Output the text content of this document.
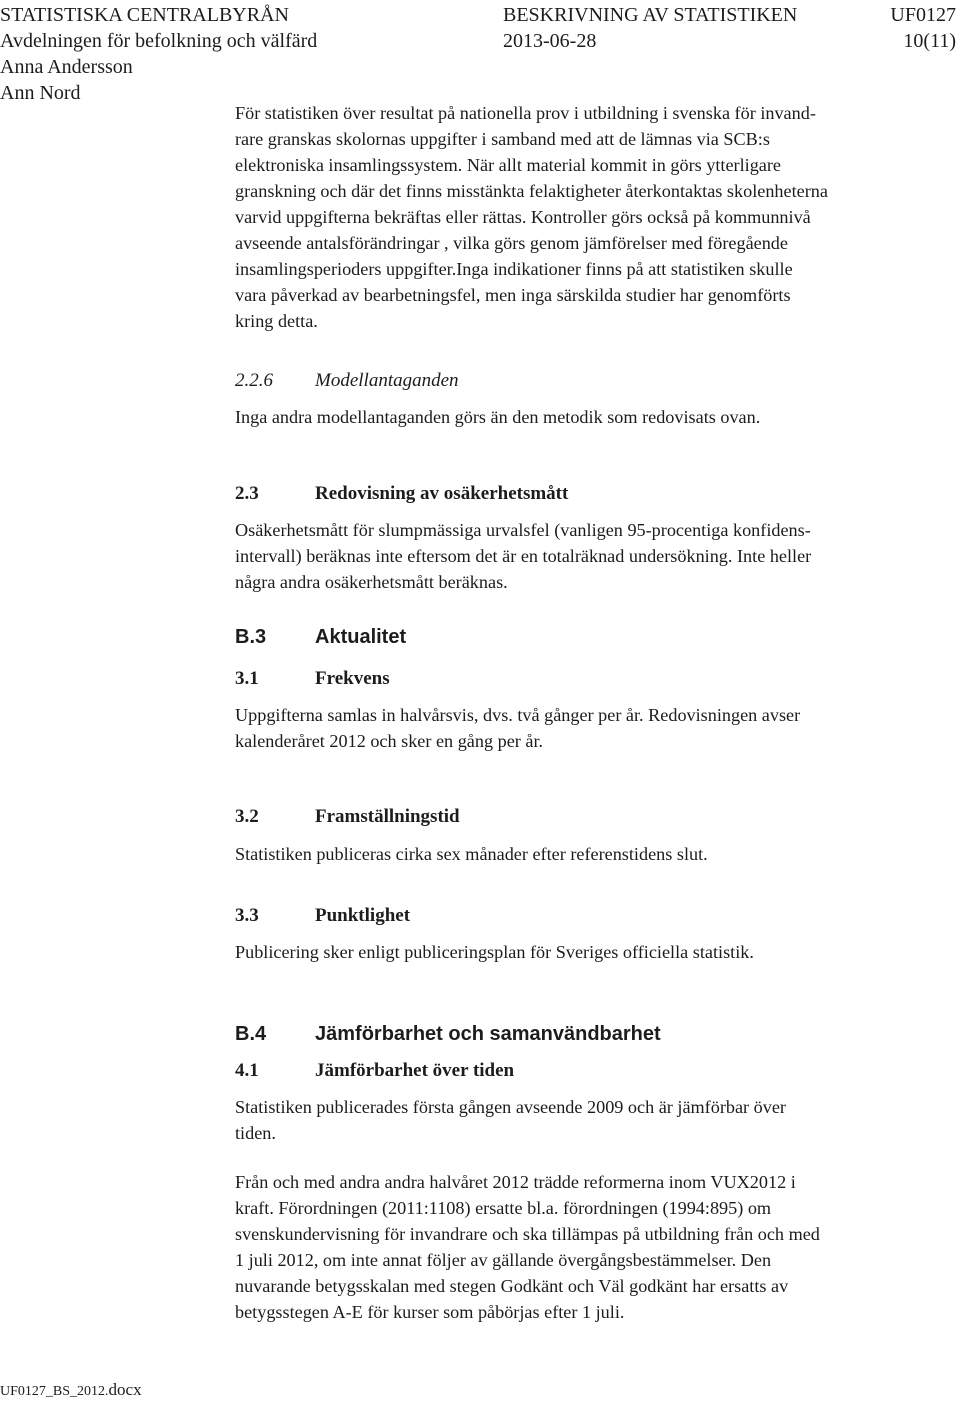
STATISTISKA CENTRALBYRÅN	BESKRIVNING AV STATISTIKEN	UF0127
Avdelningen för befolkning och välfärd	2013-06-28	10(11)
Anna Andersson
Ann Nord
För statistiken över resultat på nationella prov i utbildning i svenska för invand-
rare granskas skolornas uppgifter i samband med att de lämnas via SCB:s
elektroniska insamlingssystem. När allt material kommit in görs ytterligare
granskning och där det finns misstänkta felaktigheter återkontaktas skolenheterna
varvid uppgifterna bekräftas eller rättas. Kontroller görs också på kommunnivå
avseende antalsförändringar , vilka görs genom jämförelser med föregående
insamlingsperioders uppgifter.Inga indikationer finns på att statistiken skulle
vara påverkad av bearbetningsfel, men inga särskilda studier har genomförts
kring detta.
2.2.6 Modellantaganden
Inga andra modellantaganden görs än den metodik som redovisats ovan.
2.3	Redovisning av osäkerhetsmått
Osäkerhetsmått för slumpmässiga urvalsfel (vanligen 95-procentiga konfidens-
intervall) beräknas inte eftersom det är en totalräknad undersökning. Inte heller
några andra osäkerhetsmått beräknas.
B.3 Aktualitet
3.1	Frekvens
Uppgifterna samlas in halvårsvis, dvs. två gånger per år. Redovisningen avser
kalenderåret 2012 och sker en gång per år.
3.2	Framställningstid
Statistiken publiceras cirka sex månader efter referenstidens slut.
3.3	Punktlighet
Publicering sker enligt publiceringsplan för Sveriges officiella statistik.
B.4 Jämförbarhet och samanvändbarhet
4.1	Jämförbarhet över tiden
Statistiken publicerades första gången avseende 2009 och är jämförbar över
tiden.
Från och med andra andra halvåret 2012 trädde reformerna inom VUX2012 i
kraft. Förordningen (2011:1108) ersatte bl.a. förordningen (1994:895) om
svenskundervisning för invandrare och ska tillämpas på utbildning från och med
1 juli 2012, om inte annat följer av gällande övergångsbestämmelser. Den
nuvarande betygsskalan med stegen Godkänt och Väl godkänt har ersatts av
betygsstegen A-E för kurser som påbörjas efter 1 juli.
UF0127_BS_2012.docx
